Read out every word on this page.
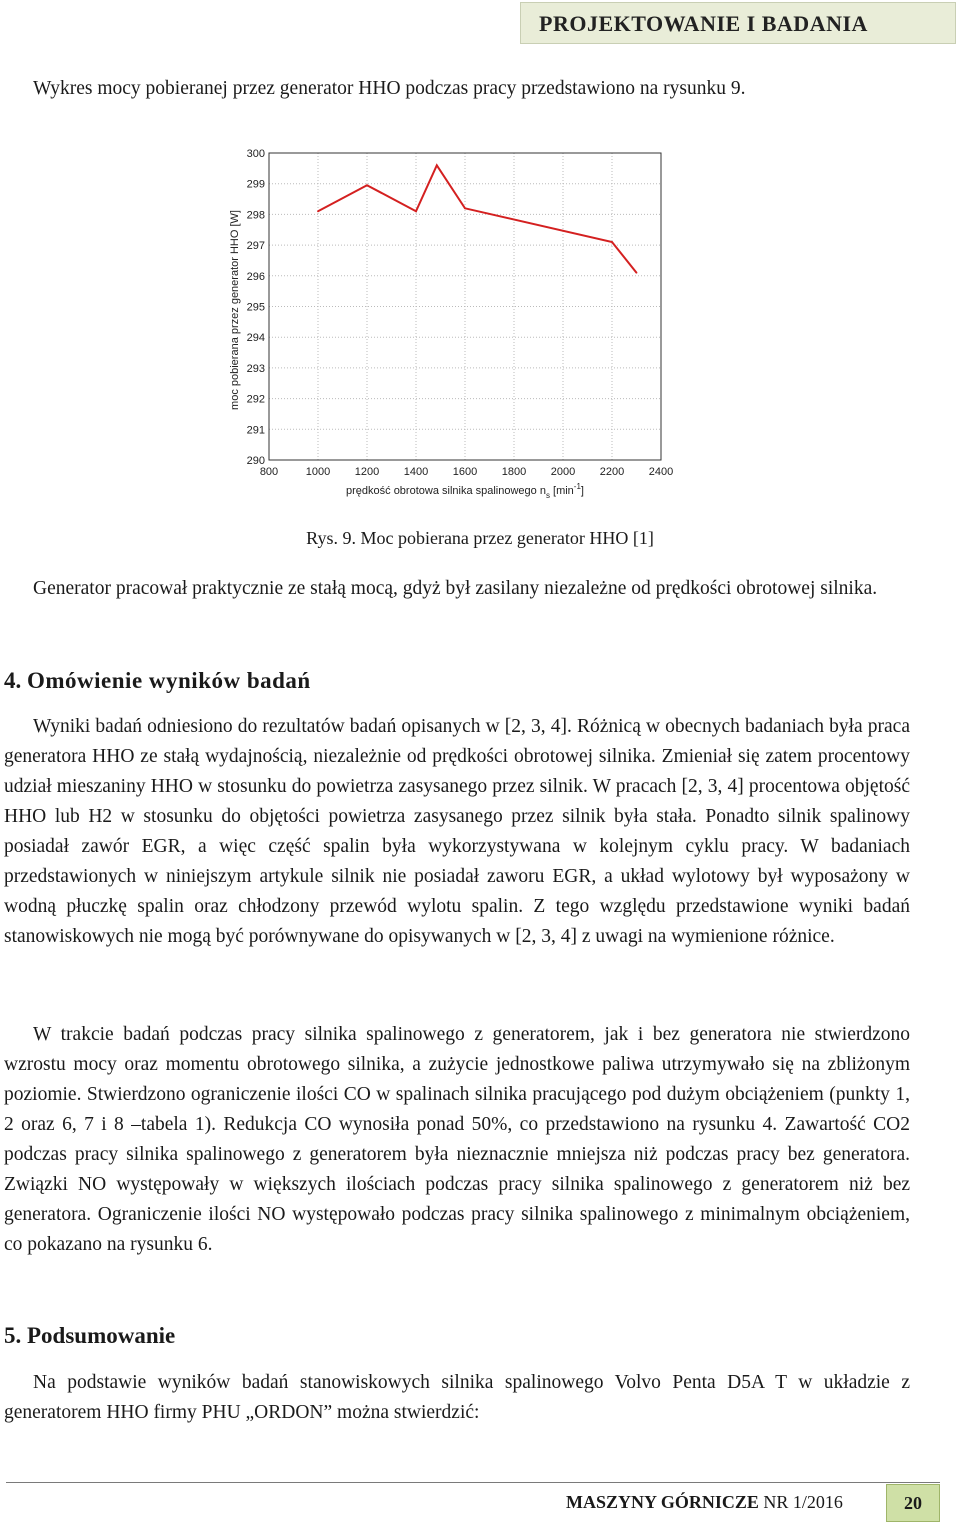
PROJEKTOWANIE I BADANIA

Wykres mocy pobieranej przez generator HHO podczas pracy przedstawiono na rysunku 9.

800	1000 1200 1400 1600 1800 2000 2200 2400
290
291
292
293
294
295
296
297
298
299
300
moc pobierana przez generator HHO [W]
prędkość obrotowa silnika spalinowego $n_s$ $[\min^{-1}]$
Rys. 9. Moc pobierana przez generator HHO [1]

Generator pracował praktycznie ze stałą mocą, gdyż był zasilany niezależne od prędkości obrotowej silnika.

4. Omówienie wyników badań

Wyniki badań odniesiono do rezultatów badań opisanych w [2, 3, 4]. Różnicą w obecnych badaniach była praca generatora HHO ze stałą wydajnością, niezależnie od prędkości obrotowej silnika. Zmieniał się zatem procentowy udział mieszaniny HHO w stosunku do powietrza zasysanego przez silnik. W pracach [2, 3, 4] procentowa objętość HHO lub H2 w stosunku do objętości powietrza zasysanego przez silnik była stała. Ponadto silnik spalinowy posiadał zawór EGR, a więc część spalin była wykorzystywana w kolejnym cyklu pracy. W badaniach przedstawionych w niniejszym artykule silnik nie posiadał zaworu EGR, a układ wylotowy był wyposażony w wodną płuczkę spalin oraz chłodzony przewód wylotu spalin. Z tego względu przedstawione wyniki badań stanowiskowych nie mogą być porównywane do opisywanych w [2, 3, 4] z uwagi na wymienione różnice.

W trakcie badań podczas pracy silnika spalinowego z generatorem, jak i bez generatora nie stwierdzono wzrostu mocy oraz momentu obrotowego silnika, a zużycie jednostkowe paliwa utrzymywało się na zbliżonym poziomie. Stwierdzono ograniczenie ilości CO w spalinach silnika pracującego pod dużym obciążeniem (punkty 1, 2 oraz 6, 7 i 8 –tabela 1). Redukcja CO wynosiła ponad 50%, co przedstawiono na rysunku 4. Zawartość CO2 podczas pracy silnika spalinowego z generatorem była nieznacznie mniejsza niż podczas pracy bez generatora. Związki NO występowały w większych ilościach podczas pracy silnika spalinowego z generatorem niż bez generatora. Ograniczenie ilości NO występowało podczas pracy silnika spalinowego z minimalnym obciążeniem, co pokazano na rysunku 6.

5. Podsumowanie

Na podstawie wyników badań stanowiskowych silnika spalinowego Volvo Penta D5A T w układzie z generatorem HHO firmy PHU „ORDON” można stwierdzić:

MASZYNY GÓRNICZE NR 1/2016	20
